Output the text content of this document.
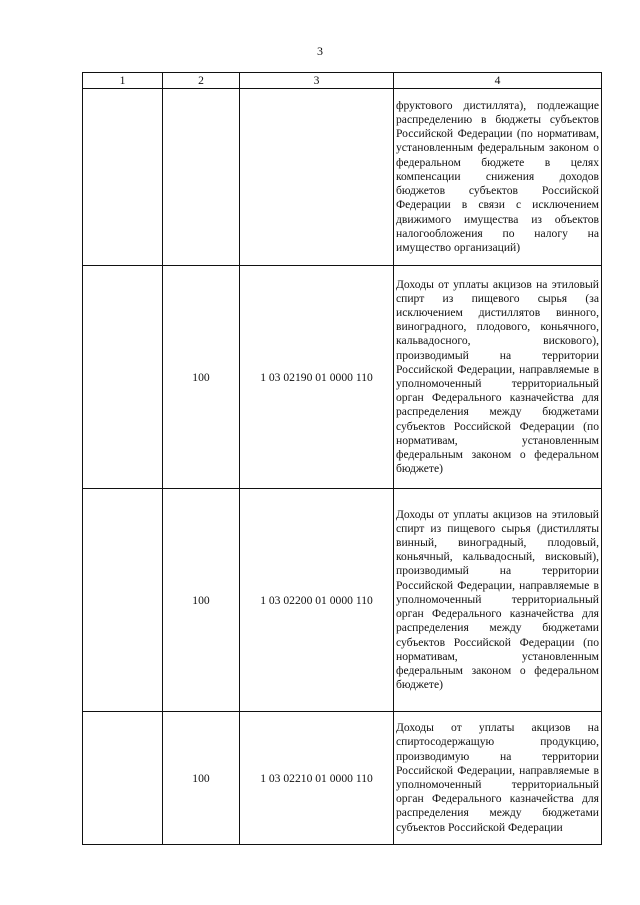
3
1	2	3	4

			фруктового дистиллята), подлежащие распределению в бюджеты субъектов Российской Федерации (по нормативам, установленным федеральным законом о федеральном бюджете в целях компенсации снижения доходов бюджетов субъектов Российской Федерации в связи с исключением движимого имущества из объектов налогообложения по налогу на имущество организаций)

	100	1 03 02190 01 0000 110	Доходы от уплаты акцизов на этиловый спирт из пищевого сырья (за исключением дистиллятов винного, виноградного, плодового, коньячного, кальвадосного, вискового), производимый на территории Российской Федерации, направляемые в уполномоченный территориальный орган Федерального казначейства для распределения между бюджетами субъектов Российской Федерации (по нормативам, установленным федеральным законом о федеральном бюджете)

	100	1 03 02200 01 0000 110	Доходы от уплаты акцизов на этиловый спирт из пищевого сырья (дистилляты винный, виноградный, плодовый, коньячный, кальвадосный, висковый), производимый на территории Российской Федерации, направляемые в уполномоченный территориальный орган Федерального казначейства для распределения между бюджетами субъектов Российской Федерации (по нормативам, установленным федеральным законом о федеральном бюджете)

	100	1 03 02210 01 0000 110	Доходы от уплаты акцизов на спиртосодержащую продукцию, производимую на территории Российской Федерации, направляемые в уполномоченный территориальный орган Федерального казначейства для распределения между бюджетами субъектов Российской Федерации
